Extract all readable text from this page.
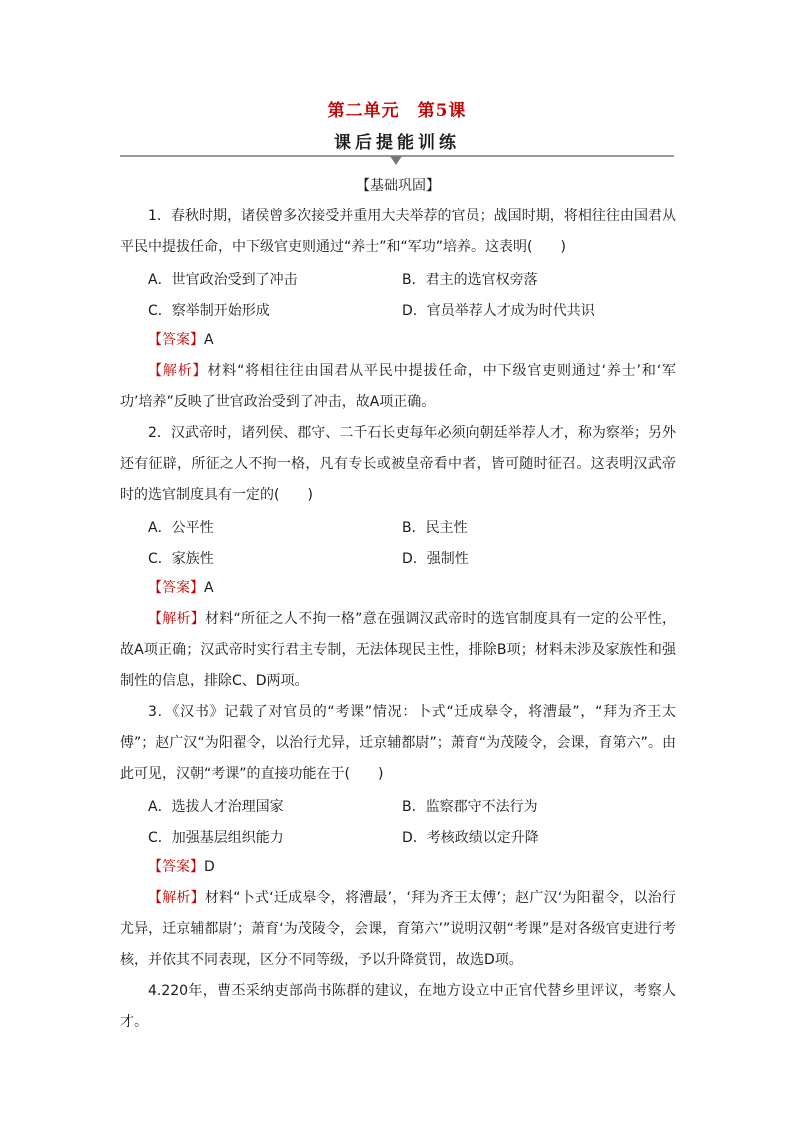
第二单元　第5课
课后提能训练
【基础巩固】

1．春秋时期，诸侯曾多次接受并重用大夫举荐的官员；战国时期，将相往往由国君从平民中提拔任命，中下级官吏则通过“养士”和“军功”培养。这表明(　　)

A．世官政治受到了冲击	B．君主的选官权旁落
C．察举制开始形成	D．官员举荐人才成为时代共识

【答案】A

【解析】材料“将相往往由国君从平民中提拔任命，中下级官吏则通过‘养士’和‘军功’培养”反映了世官政治受到了冲击，故A项正确。

2．汉武帝时，诸列侯、郡守、二千石长吏每年必须向朝廷举荐人才，称为察举；另外还有征辟，所征之人不拘一格，凡有专长或被皇帝看中者，皆可随时征召。这表明汉武帝时的选官制度具有一定的(　　)

A．公平性	B．民主性
C．家族性	D．强制性

【答案】A

【解析】材料“所征之人不拘一格”意在强调汉武帝时的选官制度具有一定的公平性，故A项正确；汉武帝时实行君主专制，无法体现民主性，排除B项；材料未涉及家族性和强制性的信息，排除C、D两项。

3．《汉书》记载了对官员的“考课”情况：卜式“迁成皋令，将漕最”，“拜为齐王太傅”；赵广汉“为阳翟令，以治行尤异，迁京辅都尉”；萧育“为茂陵令，会课，育第六”。由此可见，汉朝“考课”的直接功能在于(　　)

A．选拔人才治理国家	B．监察郡守不法行为
C．加强基层组织能力	D．考核政绩以定升降

【答案】D

【解析】材料“卜式‘迁成皋令，将漕最’，‘拜为齐王太傅’；赵广汉‘为阳翟令，以治行尤异，迁京辅都尉’；萧育‘为茂陵令，会课，育第六’”说明汉朝“考课”是对各级官吏进行考核，并依其不同表现，区分不同等级，予以升降赏罚，故选D项。

4.220年，曹丕采纳吏部尚书陈群的建议，在地方设立中正官代替乡里评议，考察人才。
